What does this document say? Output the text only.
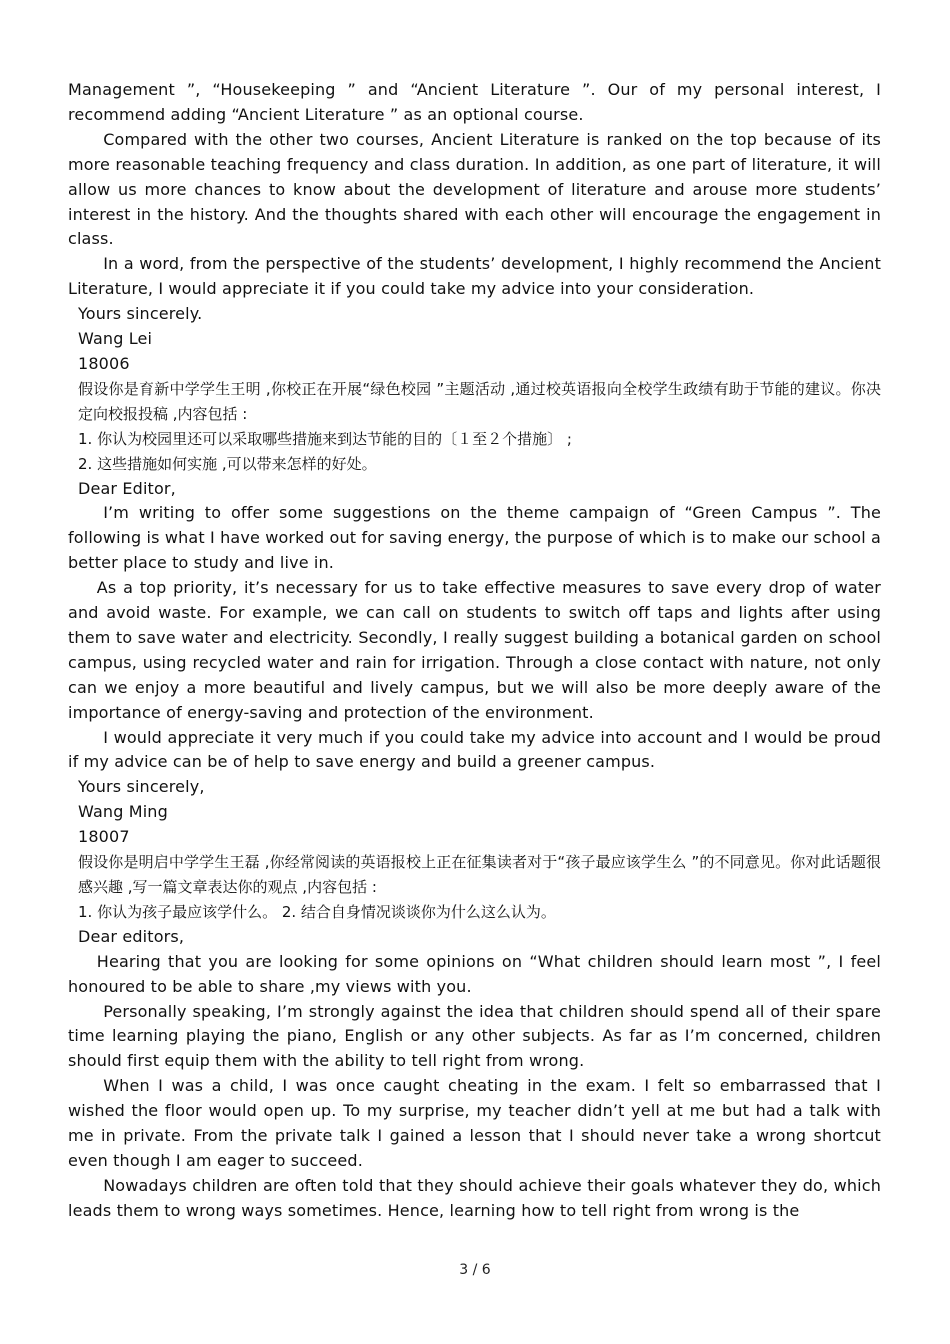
Management ”, “Housekeeping ” and “Ancient Literature ”. Our of my personal interest, I recommend adding “Ancient Literature ” as an optional course.

Compared with the other two courses, Ancient Literature is ranked on the top because of its more reasonable teaching frequency and class duration. In addition, as one part of literature, it will allow us more chances to know about the development of literature and arouse more students’ interest in the history. And the thoughts shared with each other will encourage the engagement in class.

In a word, from the perspective of the students’ development, I highly recommend the Ancient Literature, I would appreciate it if you could take my advice into your consideration.

Yours sincerely.

Wang Lei

18006

假设你是育新中学学生王明 ,你校正在开展“绿色校园 ”主题活动 ,通过校英语报向全校学生政绩有助于节能的建议。你决定向校报投稿 ,内容包括 :

1. 你认为校园里还可以采取哪些措施来到达节能的目的〔１至２个措施〕 ;

2. 这些措施如何实施 ,可以带来怎样的好处。

Dear Editor,

I’m writing to offer some suggestions on the theme campaign of “Green Campus ”. The following is what I have worked out for saving energy, the purpose of which is to make our school a better place to study and live in.

As a top priority, it’s necessary for us to take effective measures to save every drop of water and avoid waste. For example, we can call on students to switch off taps and lights after using them to save water and electricity. Secondly, I really suggest building a botanical garden on school campus, using recycled water and rain for irrigation. Through a close contact with nature, not only can we enjoy a more beautiful and lively campus, but we will also be more deeply aware of the importance of energy-saving and protection of the environment.

I would appreciate it very much if you could take my advice into account and I would be proud if my advice can be of help to save energy and build a greener campus.

Yours sincerely,

Wang Ming

18007

假设你是明启中学学生王磊 ,你经常阅读的英语报校上正在征集读者对于“孩子最应该学生么 ”的不同意见。你对此话题很感兴趣 ,写一篇文章表达你的观点 ,内容包括 :

1. 你认为孩子最应该学什么。 2. 结合自身情况谈谈你为什么这么认为。

Dear editors,

Hearing that you are looking for some opinions on “What children should learn most ”, I feel honoured to be able to share ,my views with you.

Personally speaking, I’m strongly against the idea that children should spend all of their spare time learning playing the piano, English or any other subjects. As far as I’m concerned, children should first equip them with the ability to tell right from wrong.

When I was a child, I was once caught cheating in the exam. I felt so embarrassed that I wished the floor would open up. To my surprise, my teacher didn’t yell at me but had a talk with me in private. From the private talk I gained a lesson that I should never take a wrong shortcut even though I am eager to succeed.

Nowadays children are often told that they should achieve their goals whatever they do, which leads them to wrong ways sometimes. Hence, learning how to tell right from wrong is the

3 / 6
